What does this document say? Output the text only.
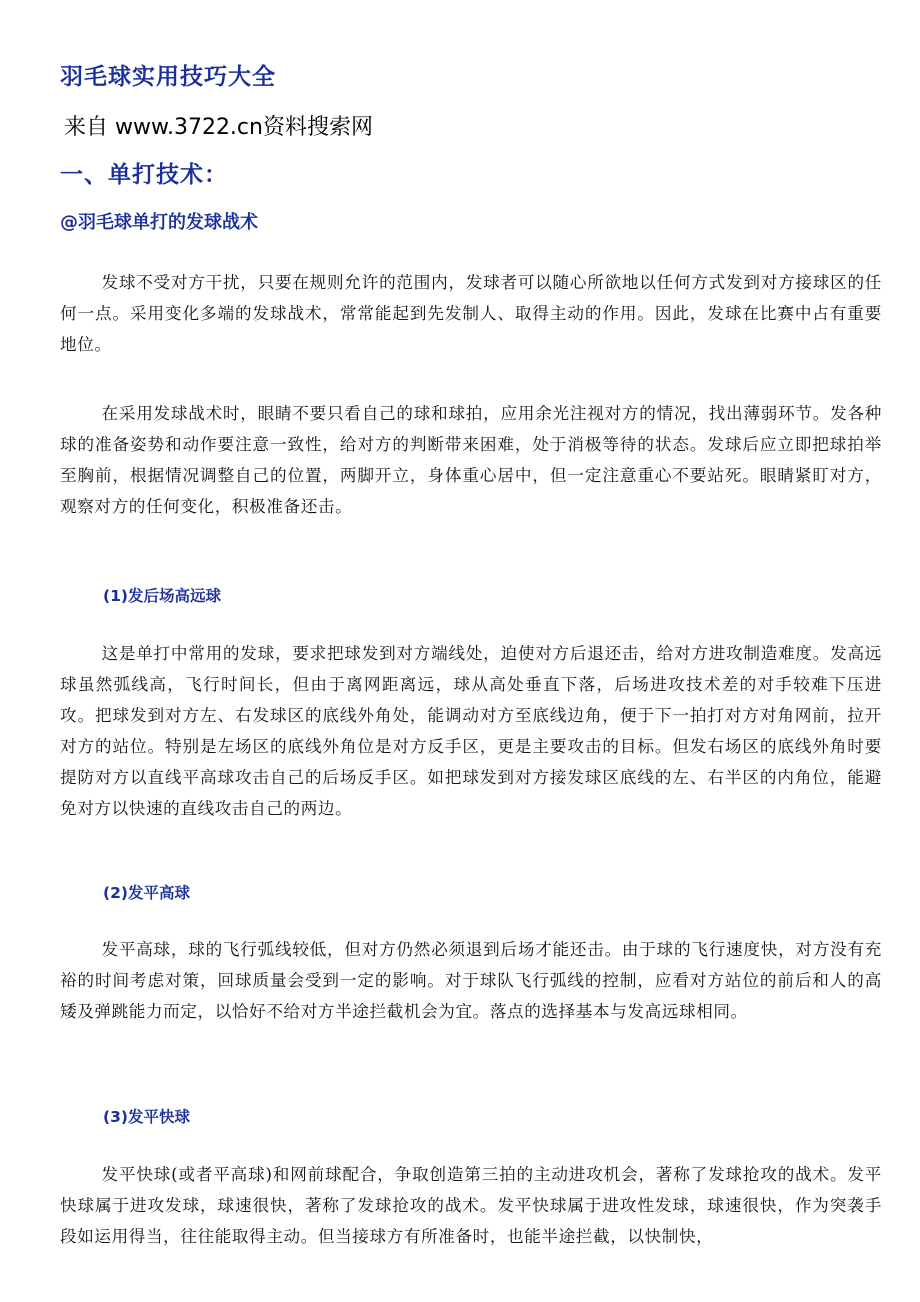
羽毛球实用技巧大全

来自 www.3722.cn资料搜索网

一、单打技术：
@羽毛球单打的发球战术

发球不受对方干扰，只要在规则允许的范围内，发球者可以随心所欲地以任何方式发到对方接球区的任何一点。采用变化多端的发球战术，常常能起到先发制人、取得主动的作用。因此，发球在比赛中占有重要地位。

在采用发球战术时，眼睛不要只看自己的球和球拍，应用余光注视对方的情况，找出薄弱环节。发各种球的准备姿势和动作要注意一致性，给对方的判断带来困难，处于消极等待的状态。发球后应立即把球拍举至胸前，根据情况调整自己的位置，两脚开立，身体重心居中，但一定注意重心不要站死。眼睛紧盯对方，观察对方的任何变化，积极准备还击。

(1)发后场高远球

这是单打中常用的发球，要求把球发到对方端线处，迫使对方后退还击，给对方进攻制造难度。发高远球虽然弧线高，飞行时间长，但由于离网距离远，球从高处垂直下落，后场进攻技术差的对手较难下压进攻。把球发到对方左、右发球区的底线外角处，能调动对方至底线边角，便于下一拍打对方对角网前，拉开对方的站位。特别是左场区的底线外角位是对方反手区，更是主要攻击的目标。但发右场区的底线外角时要提防对方以直线平高球攻击自己的后场反手区。如把球发到对方接发球区底线的左、右半区的内角位，能避免对方以快速的直线攻击自己的两边。

(2)发平高球

发平高球，球的飞行弧线较低，但对方仍然必须退到后场才能还击。由于球的飞行速度快，对方没有充裕的时间考虑对策，回球质量会受到一定的影响。对于球队飞行弧线的控制，应看对方站位的前后和人的高矮及弹跳能力而定，以恰好不给对方半途拦截机会为宜。落点的选择基本与发高远球相同。

(3)发平快球

发平快球(或者平高球)和网前球配合，争取创造第三拍的主动进攻机会，著称了发球抢攻的战术。发平快球属于进攻发球，球速很快，著称了发球抢攻的战术。发平快球属于进攻性发球，球速很快，作为突袭手段如运用得当，往往能取得主动。但当接球方有所准备时，也能半途拦截，以快制快，
